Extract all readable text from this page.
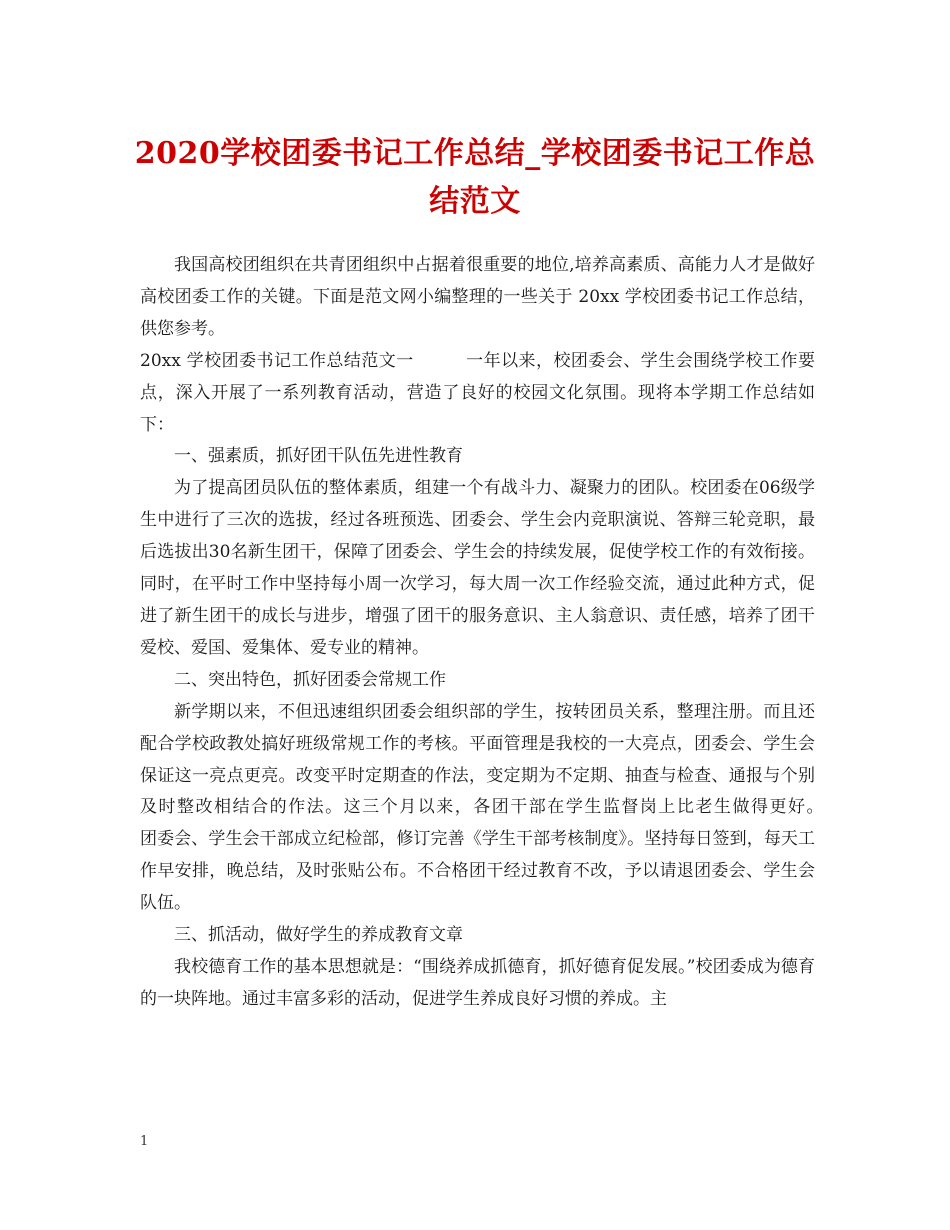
2020学校团委书记工作总结_学校团委书记工作总结范文

我国高校团组织在共青团组织中占据着很重要的地位,培养高素质、高能力人才是做好高校团委工作的关键。下面是范文网小编整理的一些关于 20xx 学校团委书记工作总结，供您参考。

20xx 学校团委书记工作总结范文一　　　一年以来，校团委会、学生会围绕学校工作要点，深入开展了一系列教育活动，营造了良好的校园文化氛围。现将本学期工作总结如下：

一、强素质，抓好团干队伍先进性教育

为了提高团员队伍的整体素质，组建一个有战斗力、凝聚力的团队。校团委在06级学生中进行了三次的选拔，经过各班预选、团委会、学生会内竞职演说、答辩三轮竞职，最后选拔出30名新生团干，保障了团委会、学生会的持续发展，促使学校工作的有效衔接。同时，在平时工作中坚持每小周一次学习，每大周一次工作经验交流，通过此种方式，促进了新生团干的成长与进步，增强了团干的服务意识、主人翁意识、责任感，培养了团干爱校、爱国、爱集体、爱专业的精神。

二、突出特色，抓好团委会常规工作

新学期以来，不但迅速组织团委会组织部的学生，按转团员关系，整理注册。而且还配合学校政教处搞好班级常规工作的考核。平面管理是我校的一大亮点，团委会、学生会保证这一亮点更亮。改变平时定期查的作法，变定期为不定期、抽查与检查、通报与个别及时整改相结合的作法。这三个月以来，各团干部在学生监督岗上比老生做得更好。　　　团委会、学生会干部成立纪检部，修订完善《学生干部考核制度》。坚持每日签到，每天工作早安排，晚总结，及时张贴公布。不合格团干经过教育不改，予以请退团委会、学生会队伍。

三、抓活动，做好学生的养成教育文章

我校德育工作的基本思想就是：“围绕养成抓德育，抓好德育促发展。”校团委成为德育的一块阵地。通过丰富多彩的活动，促进学生养成良好习惯的养成。主

1
